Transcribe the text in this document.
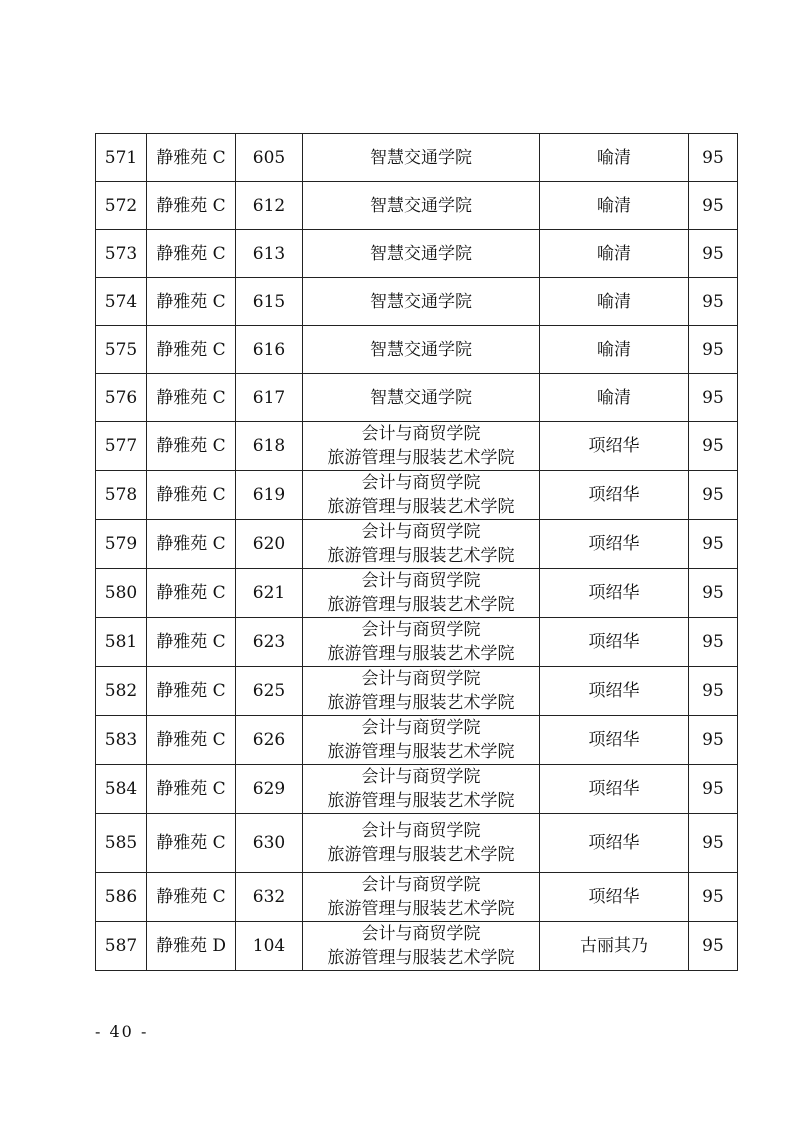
571	静雅苑 C	605	智慧交通学院	喻清	95
572	静雅苑 C	612	智慧交通学院	喻清	95
573	静雅苑 C	613	智慧交通学院	喻清	95
574	静雅苑 C	615	智慧交通学院	喻清	95
575	静雅苑 C	616	智慧交通学院	喻清	95
576	静雅苑 C	617	智慧交通学院	喻清	95
577	静雅苑 C	618	会计与商贸学院
旅游管理与服装艺术学院	项绍华	95
578	静雅苑 C	619	会计与商贸学院
旅游管理与服装艺术学院	项绍华	95
579	静雅苑 C	620	会计与商贸学院
旅游管理与服装艺术学院	项绍华	95
580	静雅苑 C	621	会计与商贸学院
旅游管理与服装艺术学院	项绍华	95
581	静雅苑 C	623	会计与商贸学院
旅游管理与服装艺术学院	项绍华	95
582	静雅苑 C	625	会计与商贸学院
旅游管理与服装艺术学院	项绍华	95
583	静雅苑 C	626	会计与商贸学院
旅游管理与服装艺术学院	项绍华	95
584	静雅苑 C	629	会计与商贸学院
旅游管理与服装艺术学院	项绍华	95
585	静雅苑 C	630	会计与商贸学院
旅游管理与服装艺术学院	项绍华	95
586	静雅苑 C	632	会计与商贸学院
旅游管理与服装艺术学院	项绍华	95
587	静雅苑 D	104	会计与商贸学院
旅游管理与服装艺术学院	古丽其乃	95
- 40 -
